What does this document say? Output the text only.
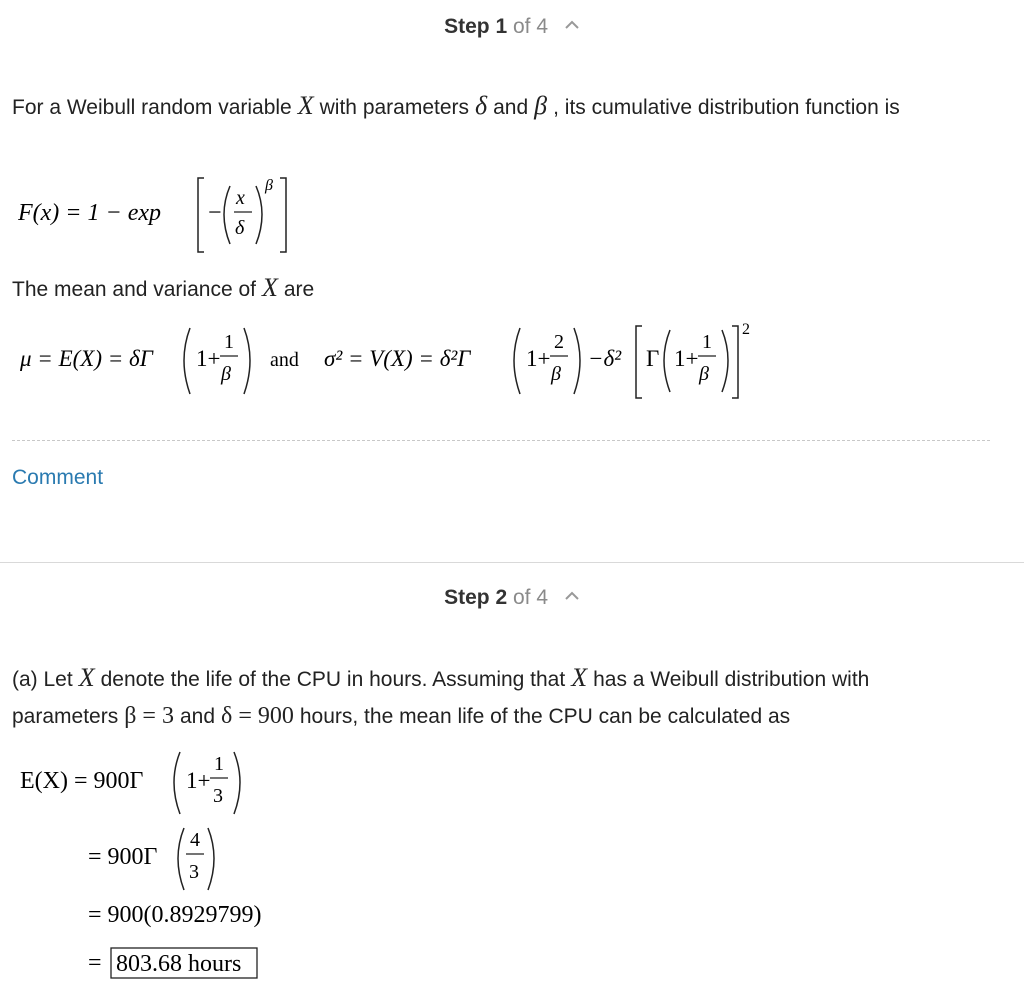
Step 1 of 4
For a Weibull random variable X with parameters δ and β , its cumulative distribution function is
F(x) = 1 − exp −
x
δ
β
The mean and variance of X are
μ = E(X) = δΓ 1+
1
β
and σ² = V(X) = δ²Γ 1+
2
β
−δ² Γ 1+
1
β
2
Comment
Step 2 of 4
(a) Let X denote the life of the CPU in hours. Assuming that X has a Weibull distribution with
parameters β = 3 and δ = 900 hours, the mean life of the CPU can be calculated as
E(X) = 900Γ 1+
1
3
= 900Γ
4
3
= 900(0.8929799)
= 803.68 hours
